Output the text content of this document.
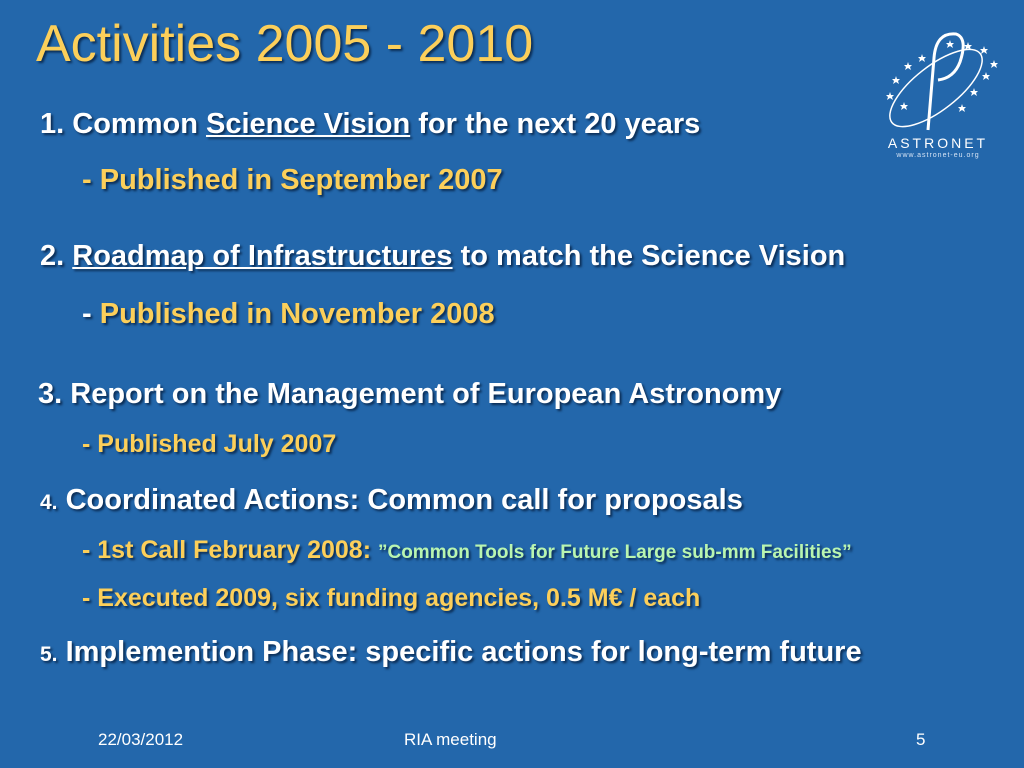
Activities 2005 - 2010
ASTRONET
www.astronet-eu.org
1. Common Science Vision for the next 20 years
- Published in September 2007
2. Roadmap of Infrastructures to match the Science Vision
- Published in November 2008
3. Report on the Management of European Astronomy
- Published July 2007
4. Coordinated Actions: Common call for proposals
- 1st Call February 2008: ”Common Tools for Future Large sub-mm Facilities”
- Executed 2009, six funding agencies, 0.5 M€ / each
5. Implemention Phase: specific actions for long-term future
22/03/2012	RIA meeting	5
